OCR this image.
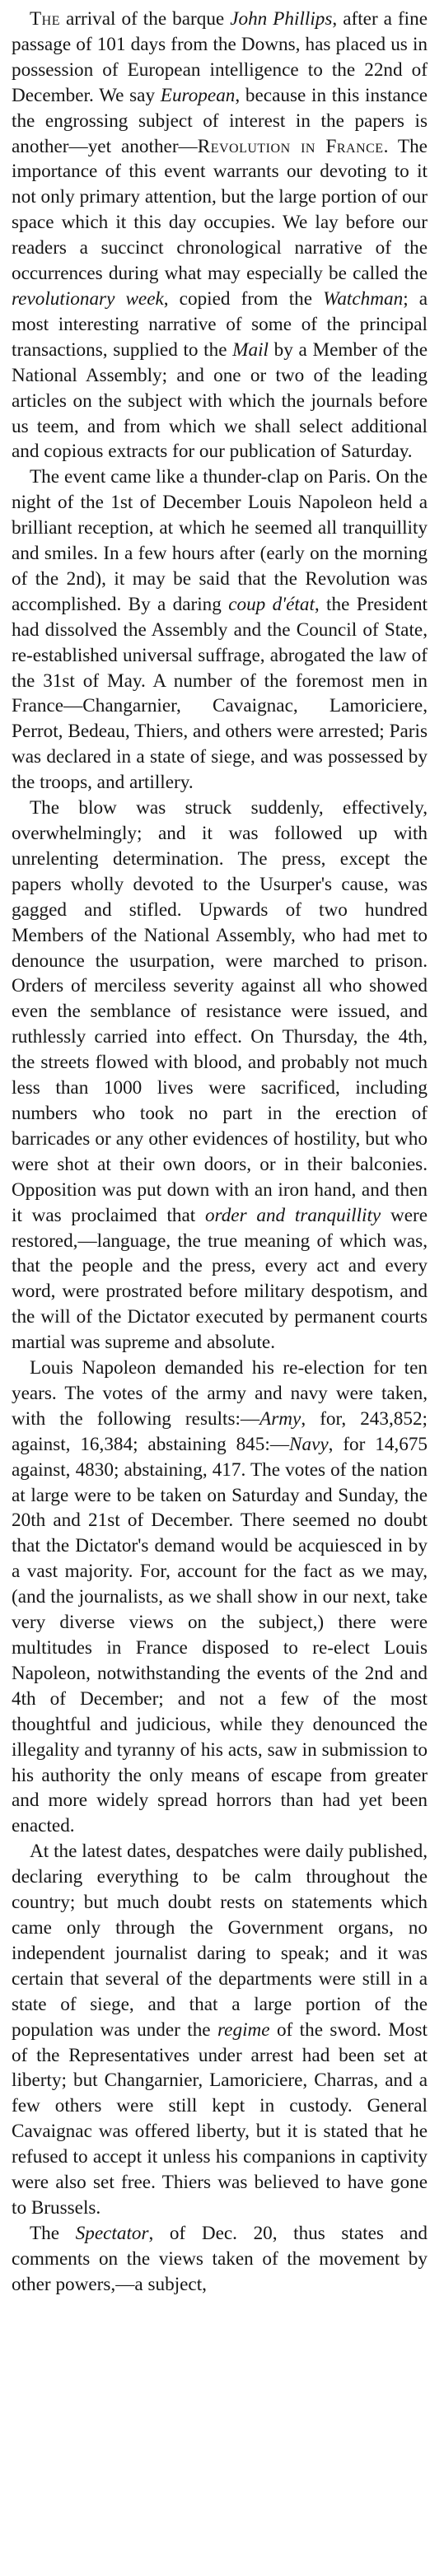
The arrival of the barque John Phillips, after a fine passage of 101 days from the Downs, has placed us in possession of European intelligence to the 22nd of December. We say European, because in this instance the engrossing subject of interest in the papers is another—yet another—Revolution in France. The importance of this event warrants our devoting to it not only primary attention, but the large portion of our space which it this day occupies. We lay before our readers a succinct chronological narrative of the occurrences during what may especially be called the revolutionary week, copied from the Watchman; a most interesting narrative of some of the principal transactions, supplied to the Mail by a Member of the National Assembly; and one or two of the leading articles on the subject with which the journals before us teem, and from which we shall select additional and copious extracts for our publication of Saturday.

The event came like a thunder-clap on Paris. On the night of the 1st of December Louis Napoleon held a brilliant reception, at which he seemed all tranquillity and smiles. In a few hours after (early on the morning of the 2nd), it may be said that the Revolution was accomplished. By a daring coup d'état, the President had dissolved the Assembly and the Council of State, re-established universal suffrage, abrogated the law of the 31st of May. A number of the foremost men in France—Changarnier, Cavaignac, Lamoriciere, Perrot, Bedeau, Thiers, and others were arrested; Paris was declared in a state of siege, and was possessed by the troops, and artillery.

The blow was struck suddenly, effectively, overwhelmingly; and it was followed up with unrelenting determination. The press, except the papers wholly devoted to the Usurper's cause, was gagged and stifled. Upwards of two hundred Members of the National Assembly, who had met to denounce the usurpation, were marched to prison. Orders of merciless severity against all who showed even the semblance of resistance were issued, and ruthlessly carried into effect. On Thursday, the 4th, the streets flowed with blood, and probably not much less than 1000 lives were sacrificed, including numbers who took no part in the erection of barricades or any other evidences of hostility, but who were shot at their own doors, or in their balconies. Opposition was put down with an iron hand, and then it was proclaimed that order and tranquillity were restored,—language, the true meaning of which was, that the people and the press, every act and every word, were prostrated before military despotism, and the will of the Dictator executed by permanent courts martial was supreme and absolute.

Louis Napoleon demanded his re-election for ten years. The votes of the army and navy were taken, with the following results:—Army, for, 243,852; against, 16,384; abstaining 845:—Navy, for 14,675 against, 4830; abstaining, 417. The votes of the nation at large were to be taken on Saturday and Sunday, the 20th and 21st of December. There seemed no doubt that the Dictator's demand would be acquiesced in by a vast majority. For, account for the fact as we may, (and the journalists, as we shall show in our next, take very diverse views on the subject,) there were multitudes in France disposed to re-elect Louis Napoleon, notwithstanding the events of the 2nd and 4th of December; and not a few of the most thoughtful and judicious, while they denounced the illegality and tyranny of his acts, saw in submission to his authority the only means of escape from greater and more widely spread horrors than had yet been enacted.

At the latest dates, despatches were daily published, declaring everything to be calm throughout the country; but much doubt rests on statements which came only through the Government organs, no independent journalist daring to speak; and it was certain that several of the departments were still in a state of siege, and that a large portion of the population was under the regime of the sword. Most of the Representatives under arrest had been set at liberty; but Changarnier, Lamoriciere, Charras, and a few others were still kept in custody. General Cavaignac was offered liberty, but it is stated that he refused to accept it unless his companions in captivity were also set free. Thiers was believed to have gone to Brussels.

The Spectator, of Dec. 20, thus states and comments on the views taken of the movement by other powers,—a subject,
